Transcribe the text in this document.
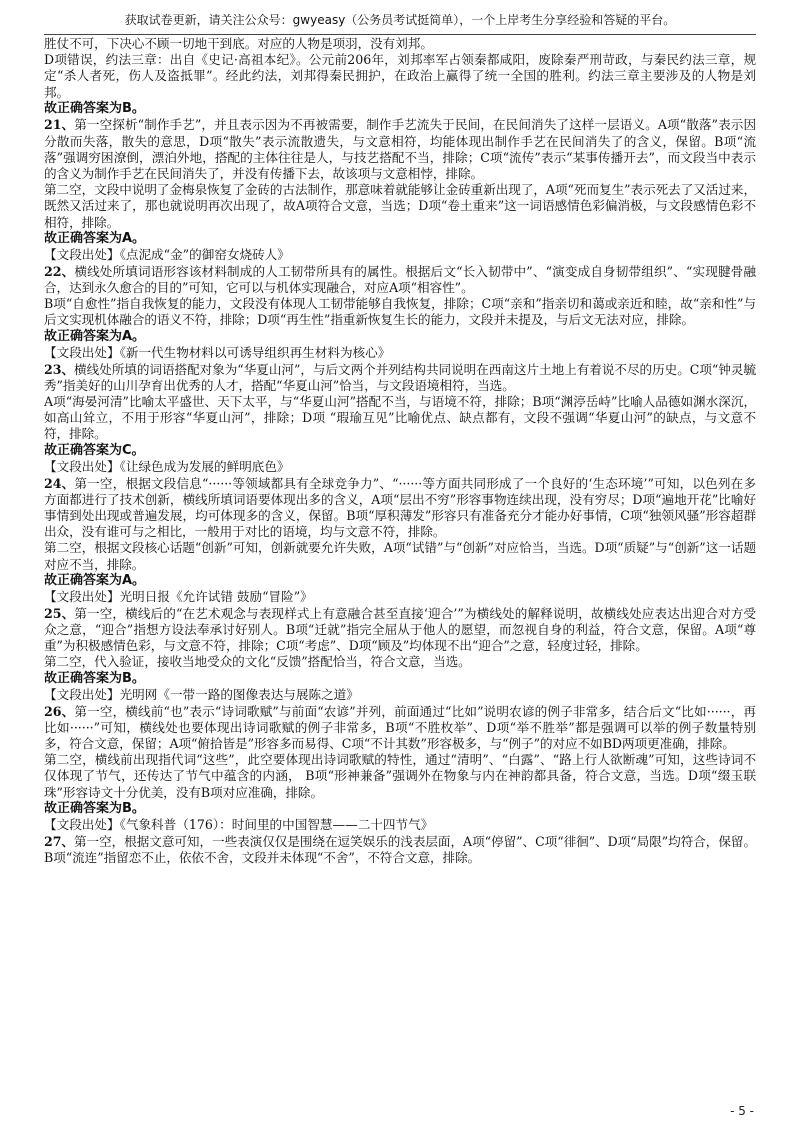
获取试卷更新，请关注公众号：gwyeasy（公务员考试挺简单），一个上岸考生分享经验和答疑的平台。

胜仗不可，下决心不顾一切地干到底。对应的人物是项羽，没有刘邦。

D项错误，约法三章：出自《史记·高祖本纪》。公元前206年，刘邦率军占领秦都咸阳，废除秦严刑苛政，与秦民约法三章，规定“杀人者死，伤人及盗抵罪”。经此约法，刘邦得秦民拥护，在政治上赢得了统一全国的胜利。约法三章主要涉及的人物是刘邦。

故正确答案为B。

21、第一空探析“制作手艺”，并且表示因为不再被需要，制作手艺流失于民间，在民间消失了这样一层语义。A项“散落”表示因分散而失落，散失的意思，D项“散失”表示流散遗失，与文意相符，均能体现出制作手艺在民间消失了的含义，保留。B项“流落”强调穷困潦倒，漂泊外地，搭配的主体往往是人，与技艺搭配不当，排除；C项“流传”表示“某事传播开去”，而文段当中表示的含义为制作手艺在民间消失了，并没有传播下去，故该项与文意相悖，排除。

第二空，文段中说明了金梅泉恢复了金砖的古法制作，那意味着就能够让金砖重新出现了，A项“死而复生”表示死去了又活过来，既然又活过来了，那也就说明再次出现了，故A项符合文意，当选；D项“卷土重来”这一词语感情色彩偏消极，与文段感情色彩不相符，排除。

故正确答案为A。

【文段出处】《点泥成“金”的御窑女烧砖人》

22、横线处所填词语形容该材料制成的人工韧带所具有的属性。根据后文“长入韧带中”、“演变成自身韧带组织”、“实现腱骨融合，达到永久愈合的目的”可知，它可以与机体实现融合，对应A项“相容性”。

B项“自愈性”指自我恢复的能力，文段没有体现人工韧带能够自我恢复，排除；C项“亲和”指亲切和蔼或亲近和睦，故“亲和性”与后文实现机体融合的语义不符，排除；D项“再生性”指重新恢复生长的能力，文段并未提及，与后文无法对应，排除。

故正确答案为A。

【文段出处】《新一代生物材料以可诱导组织再生材料为核心》

23、横线处所填的词语搭配对象为“华夏山河”，与后文两个并列结构共同说明在西南这片土地上有着说不尽的历史。C项“钟灵毓秀”指美好的山川孕育出优秀的人才，搭配“华夏山河”恰当，与文段语境相符，当选。

A项“海晏河清”比喻太平盛世、天下太平，与“华夏山河”搭配不当，与语境不符，排除；B项“渊渟岳峙”比喻人品德如渊水深沉，如高山耸立，不用于形容“华夏山河”，排除；D项 “瑕瑜互见”比喻优点、缺点都有，文段不强调“华夏山河”的缺点，与文意不符，排除。

故正确答案为C。

【文段出处】《让绿色成为发展的鲜明底色》

24、第一空，根据文段信息“······等领域都具有全球竞争力”、“······等方面共同形成了一个良好的‘生态环境’”可知，以色列在多方面都进行了技术创新，横线所填词语要体现出多的含义，A项“层出不穷”形容事物连续出现，没有穷尽；D项“遍地开花”比喻好事情到处出现或普遍发展，均可体现多的含义，保留。B项“厚积薄发”形容只有准备充分才能办好事情，C项“独领风骚”形容超群出众，没有谁可与之相比，一般用于对比的语境，均与文意不符，排除。

第二空，根据文段核心话题“创新”可知，创新就要允许失败，A项“试错”与“创新”对应恰当，当选。D项“质疑”与“创新”这一话题对应不当，排除。

故正确答案为A。

【文段出处】光明日报《允许试错 鼓励“冒险”》

25、第一空，横线后的“在艺术观念与表现样式上有意融合甚至直接‘迎合’”为横线处的解释说明，故横线处应表达出迎合对方受众之意，“迎合”指想方设法奉承讨好别人。B项“迁就”指完全屈从于他人的愿望，而忽视自身的利益，符合文意，保留。A项“尊重”为积极感情色彩，与文意不符，排除；C项“考虑”、D项“顾及”均体现不出“迎合”之意，轻度过轻，排除。

第二空，代入验证，接收当地受众的文化“反馈”搭配恰当，符合文意，当选。

故正确答案为B。

【文段出处】光明网《一带一路的图像表达与展陈之道》

26、第一空，横线前“也”表示“诗词歌赋”与前面“农谚”并列，前面通过“比如”说明农谚的例子非常多，结合后文“比如······，再比如······”可知，横线处也要体现出诗词歌赋的例子非常多，B项“不胜枚举”、D项“举不胜举”都是强调可以举的例子数量特别多，符合文意，保留；A项“俯拾皆是”形容多而易得、C项“不计其数”形容极多，与“例子”的对应不如BD两项更准确，排除。

第二空，横线前出现指代词“这些”，此空要体现出诗词歌赋的特性，通过“清明”、“白露”、“路上行人欲断魂”可知，这些诗词不仅体现了节气，还传达了节气中蕴含的内涵， B项“形神兼备”强调外在物象与内在神韵都具备，符合文意，当选。D项“缀玉联珠”形容诗文十分优美，没有B项对应准确，排除。

故正确答案为B。

【文段出处】《气象科普（176）：时间里的中国智慧——二十四节气》

27、第一空，根据文意可知，一些表演仅仅是围绕在逗笑娱乐的浅表层面，A项“停留”、C项“徘徊”、D项“局限”均符合，保留。B项“流连”指留恋不止，依依不舍，文段并未体现“不舍”，不符合文意，排除。

- 5 -
